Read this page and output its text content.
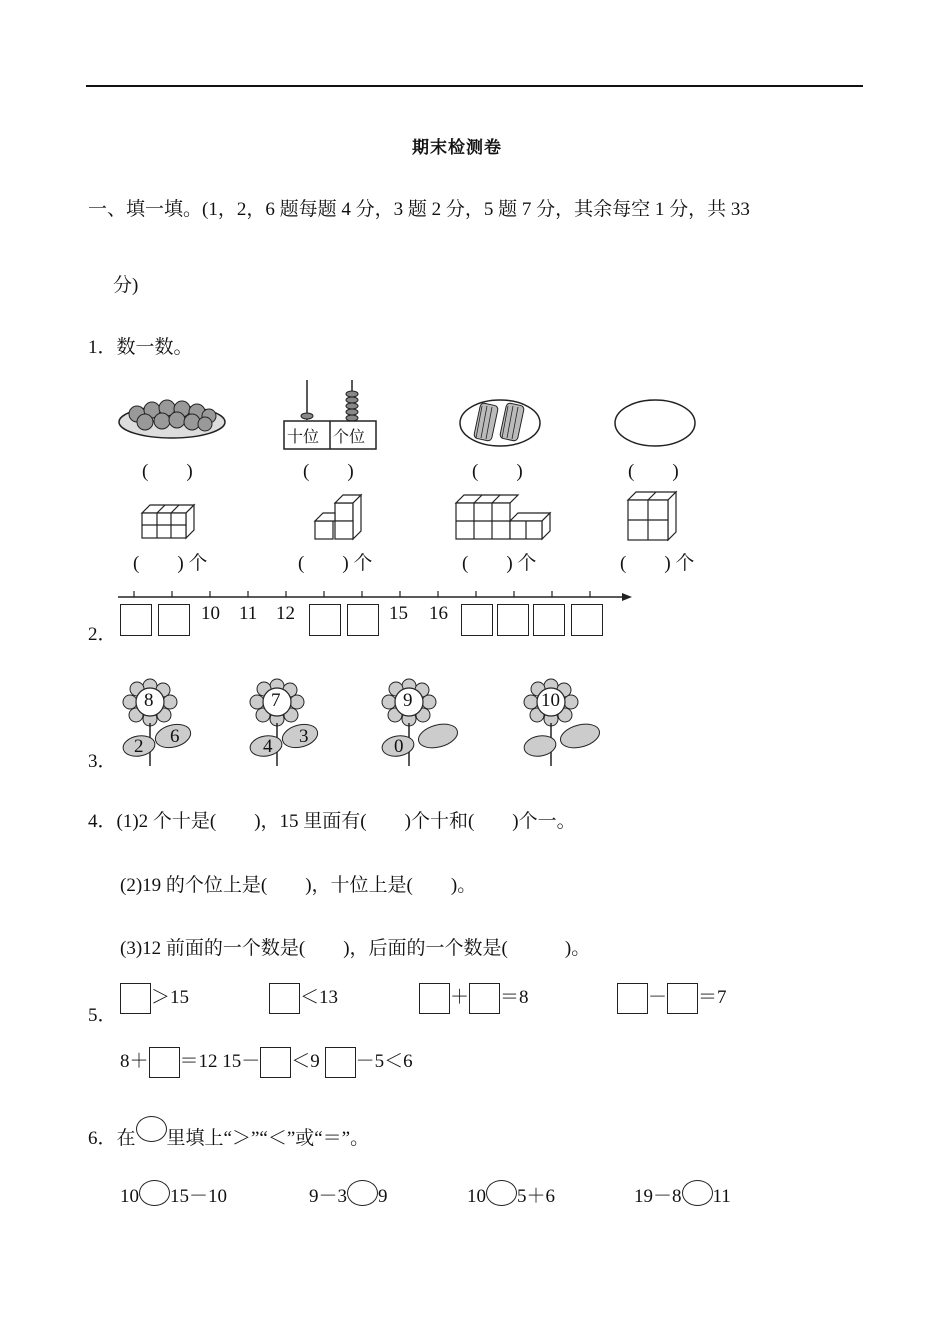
期末检测卷
一、填一填。(1，2，6 题每题 4 分，3 题 2 分，5 题 7 分，其余每空 1 分，共 33
分)
1．数一数。
(　　)
十位 个位
(　　)	(　　)	(　　)
(　　) 个	(　　) 个	(　　) 个	(　　) 个
2．
10 11 12	15 16
3．
8
2 6
7
4 3
9
0
10
4．(1)2 个十是(　　)，15 里面有(　　)个十和(　　)个一。
(2)19 的个位上是(　　)，十位上是(　　)。
(3)12 前面的一个数是(　　)，后面的一个数是(　　　)。
5．
＞15	＜13	＋ ＝8	－ ＝7
8＋ ＝12 15－ ＜9 －5＜6
6．在 里填上“＞”“＜”或“＝”。
10 15－10	9－3 9	10 5＋6	19－8 11
